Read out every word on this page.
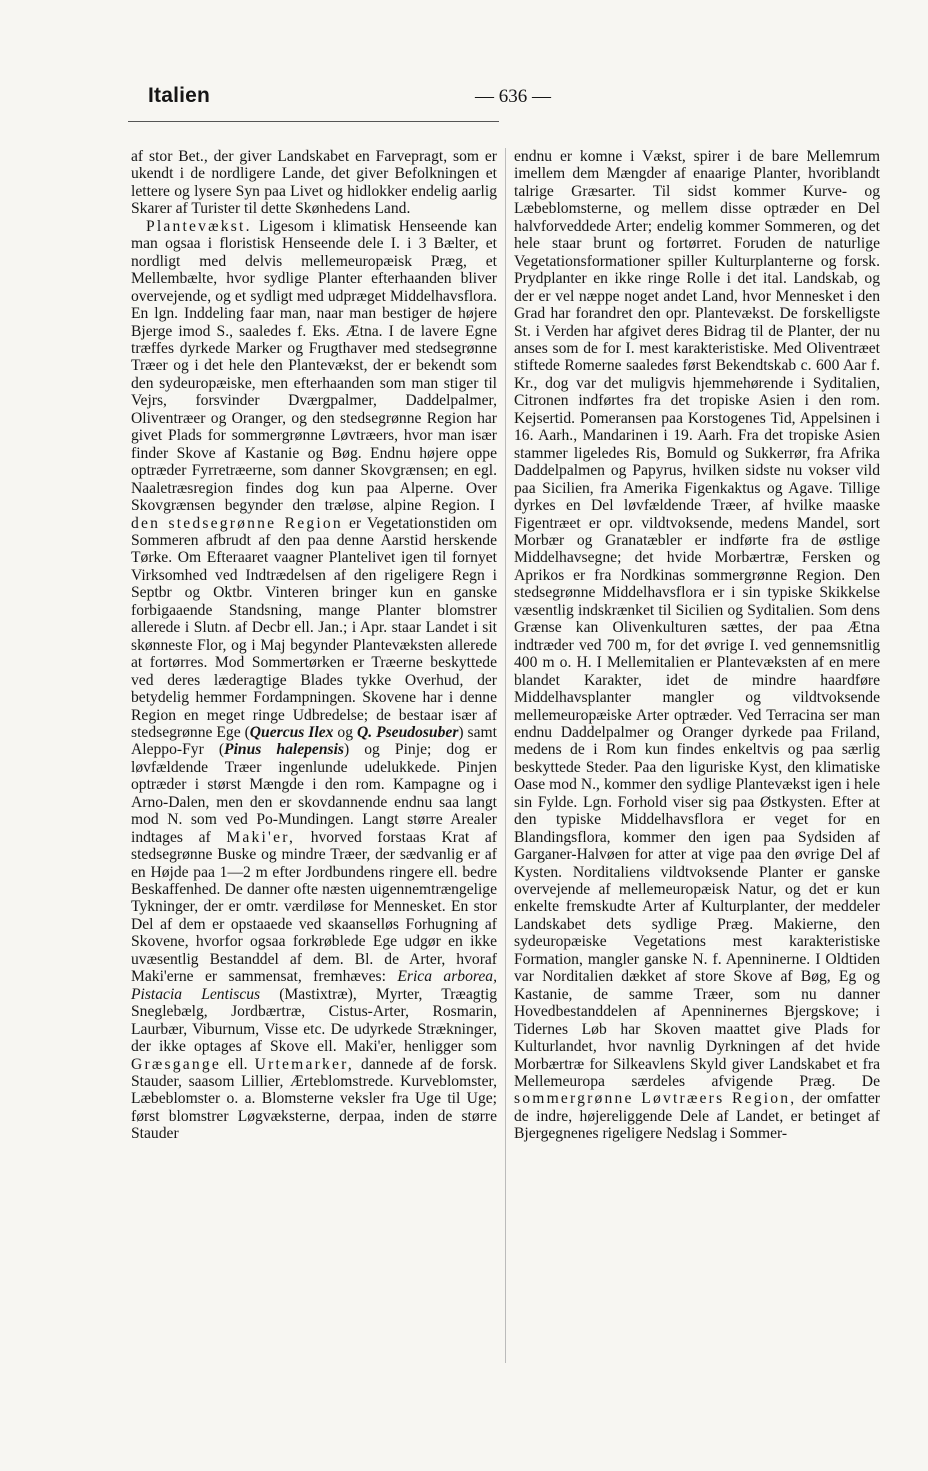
Italien	— 636 —

af stor Bet., der giver Landskabet en Farvepragt, som er ukendt i de nordligere Lande, det giver Befolkningen et lettere og lysere Syn paa Livet og hidlokker endelig aarlig Skarer af Turister til dette Skønhedens Land.

Plantevækst. Ligesom i klimatisk Henseende kan man ogsaa i floristisk Henseende dele I. i 3 Bælter, et nordligt med delvis mellemeuropæisk Præg, et Mellembælte, hvor sydlige Planter efterhaanden bliver overvejende, og et sydligt med udpræget Middelhavsflora. En lgn. Inddeling faar man, naar man bestiger de højere Bjerge imod S., saaledes f. Eks. Ætna. I de lavere Egne træffes dyrkede Marker og Frugthaver med stedsegrønne Træer og i det hele den Plantevækst, der er bekendt som den sydeuropæiske, men efterhaanden som man stiger til Vejrs, forsvinder Dværgpalmer, Daddelpalmer, Oliventræer og Oranger, og den stedsegrønne Region har givet Plads for sommergrønne Løvtræers, hvor man især finder Skove af Kastanie og Bøg. Endnu højere oppe optræder Fyrretræerne, som danner Skovgrænsen; en egl. Naaletræsregion findes dog kun paa Alperne. Over Skovgrænsen begynder den træløse, alpine Region. I den stedsegrønne Region er Vegetationstiden om Sommeren afbrudt af den paa denne Aarstid herskende Tørke. Om Efteraaret vaagner Plantelivet igen til fornyet Virksomhed ved Indtrædelsen af den rigeligere Regn i Septbr og Oktbr. Vinteren bringer kun en ganske forbigaaende Standsning, mange Planter blomstrer allerede i Slutn. af Decbr ell. Jan.; i Apr. staar Landet i sit skønneste Flor, og i Maj begynder Plantevæksten allerede at fortørres. Mod Sommertørken er Træerne beskyttede ved deres læderagtige Blades tykke Overhud, der betydelig hemmer Fordampningen. Skovene har i denne Region en meget ringe Udbredelse; de bestaar især af stedsegrønne Ege (Quercus Ilex og Q. Pseudosuber) samt Aleppo-Fyr (Pinus halepensis) og Pinje; dog er løvfældende Træer ingenlunde udelukkede. Pinjen optræder i størst Mængde i den rom. Kampagne og i Arno-Dalen, men den er skovdannende endnu saa langt mod N. som ved Po-Mundingen. Langt større Arealer indtages af Maki'er, hvorved forstaas Krat af stedsegrønne Buske og mindre Træer, der sædvanlig er af en Højde paa 1—2 m efter Jordbundens ringere ell. bedre Beskaffenhed. De danner ofte næsten uigennemtrængelige Tykninger, der er omtr. værdiløse for Mennesket. En stor Del af dem er opstaaede ved skaanselløs Forhugning af Skovene, hvorfor ogsaa forkrøblede Ege udgør en ikke uvæsentlig Bestanddel af dem. Bl. de Arter, hvoraf Maki'erne er sammensat, fremhæves: Erica arborea, Pistacia Lentiscus (Mastixtræ), Myrter, Træagtig Sneglebælg, Jordbærtræ, Cistus-Arter, Rosmarin, Laurbær, Viburnum, Visse etc. De udyrkede Strækninger, der ikke optages af Skove ell. Maki'er, henligger som Græsgange ell. Urtemarker, dannede af de forsk. Stauder, saasom Lillier, Ærteblomstrede. Kurveblomster, Læbeblomster o. a. Blomsterne veksler fra Uge til Uge; først blomstrer Løgvæksterne, derpaa, inden de større Stauder

endnu er komne i Vækst, spirer i de bare Mellemrum imellem dem Mængder af enaarige Planter, hvoriblandt talrige Græsarter. Til sidst kommer Kurve- og Læbeblomsterne, og mellem disse optræder en Del halvforveddede Arter; endelig kommer Sommeren, og det hele staar brunt og fortørret. Foruden de naturlige Vegetationsformationer spiller Kulturplanterne og forsk. Prydplanter en ikke ringe Rolle i det ital. Landskab, og der er vel næppe noget andet Land, hvor Mennesket i den Grad har forandret den opr. Plantevækst. De forskelligste St. i Verden har afgivet deres Bidrag til de Planter, der nu anses som de for I. mest karakteristiske. Med Oliventræet stiftede Romerne saaledes først Bekendtskab c. 600 Aar f. Kr., dog var det muligvis hjemmehørende i Syditalien, Citronen indførtes fra det tropiske Asien i den rom. Kejsertid. Pomeransen paa Korstogenes Tid, Appelsinen i 16. Aarh., Mandarinen i 19. Aarh. Fra det tropiske Asien stammer ligeledes Ris, Bomuld og Sukkerrør, fra Afrika Daddelpalmen og Papyrus, hvilken sidste nu vokser vild paa Sicilien, fra Amerika Figenkaktus og Agave. Tillige dyrkes en Del løvfældende Træer, af hvilke maaske Figentræet er opr. vildtvoksende, medens Mandel, sort Morbær og Granatæbler er indførte fra de østlige Middelhavsegne; det hvide Morbærtræ, Fersken og Aprikos er fra Nordkinas sommergrønne Region. Den stedsegrønne Middelhavsflora er i sin typiske Skikkelse væsentlig indskrænket til Sicilien og Syditalien. Som dens Grænse kan Olivenkulturen sættes, der paa Ætna indtræder ved 700 m, for det øvrige I. ved gennemsnitlig 400 m o. H. I Mellemitalien er Plantevæksten af en mere blandet Karakter, idet de mindre haardføre Middelhavsplanter mangler og vildtvoksende mellemeuropæiske Arter optræder. Ved Terracina ser man endnu Daddelpalmer og Oranger dyrkede paa Friland, medens de i Rom kun findes enkeltvis og paa særlig beskyttede Steder. Paa den liguriske Kyst, den klimatiske Oase mod N., kommer den sydlige Plantevækst igen i hele sin Fylde. Lgn. Forhold viser sig paa Østkysten. Efter at den typiske Middelhavsflora er veget for en Blandingsflora, kommer den igen paa Sydsiden af Garganer-Halvøen for atter at vige paa den øvrige Del af Kysten. Norditaliens vildtvoksende Planter er ganske overvejende af mellemeuropæisk Natur, og det er kun enkelte fremskudte Arter af Kulturplanter, der meddeler Landskabet dets sydlige Præg. Makierne, den sydeuropæiske Vegetations mest karakteristiske Formation, mangler ganske N. f. Apenninerne. I Oldtiden var Norditalien dækket af store Skove af Bøg, Eg og Kastanie, de samme Træer, som nu danner Hovedbestanddelen af Apenninernes Bjergskove; i Tidernes Løb har Skoven maattet give Plads for Kulturlandet, hvor navnlig Dyrkningen af det hvide Morbærtræ for Silkeavlens Skyld giver Landskabet et fra Mellemeuropa særdeles afvigende Præg. De sommergrønne Løvtræers Region, der omfatter de indre, højereliggende Dele af Landet, er betinget af Bjergegnenes rigeligere Nedslag i Sommer-
